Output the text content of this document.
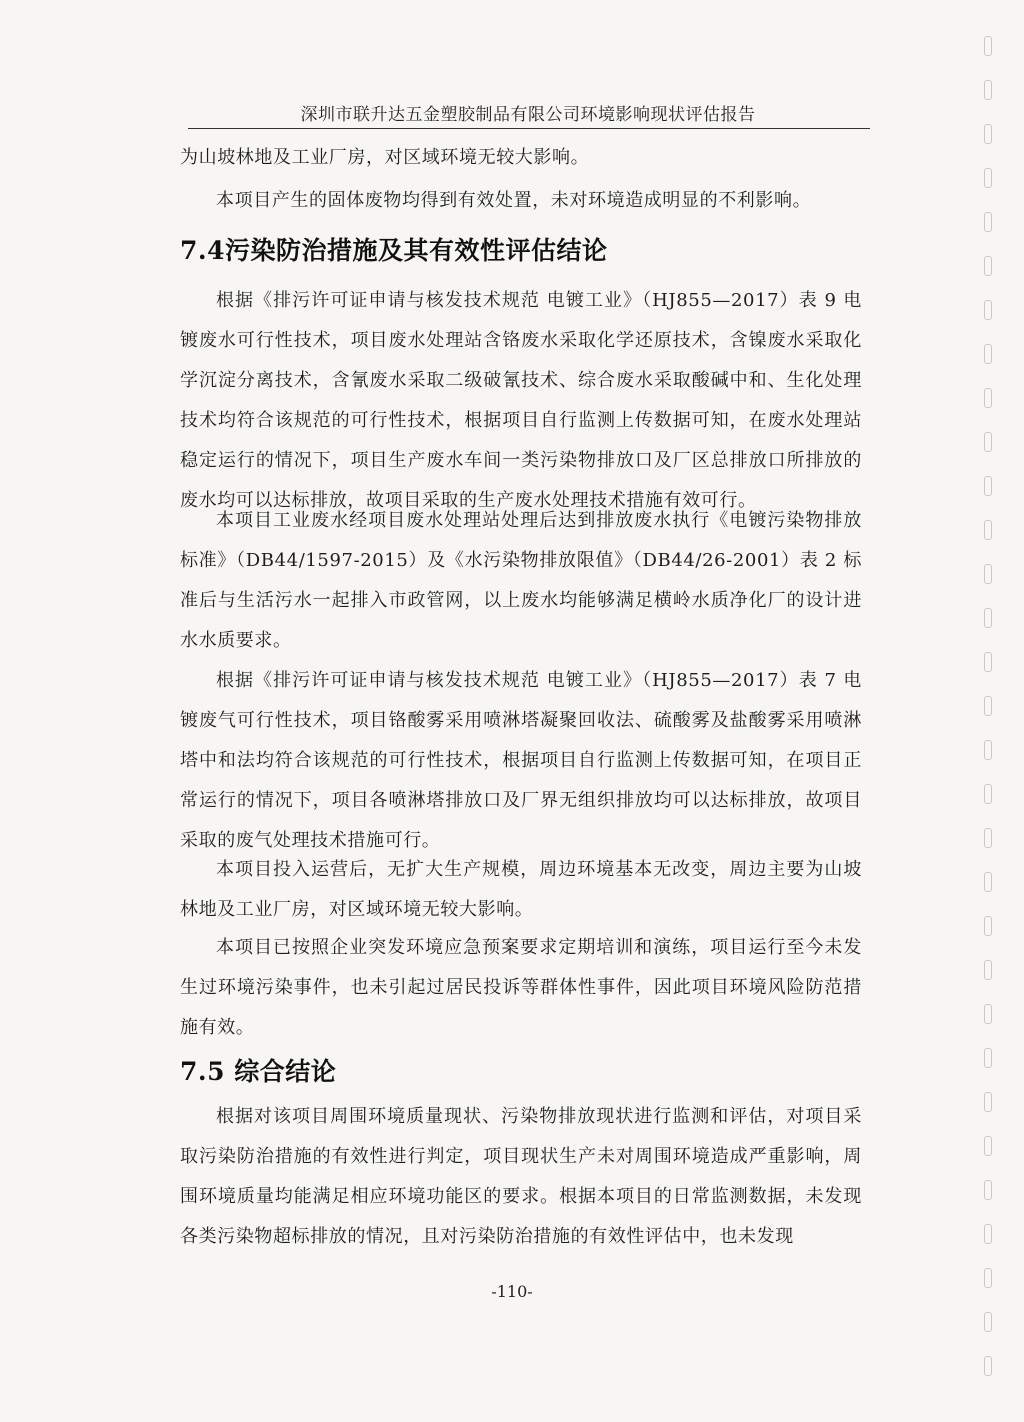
深圳市联升达五金塑胶制品有限公司环境影响现状评估报告

为山坡林地及工业厂房，对区域环境无较大影响。

本项目产生的固体废物均得到有效处置，未对环境造成明显的不利影响。

7.4污染防治措施及其有效性评估结论

根据《排污许可证申请与核发技术规范 电镀工业》（HJ855—2017）表 9 电镀废水可行性技术，项目废水处理站含铬废水采取化学还原技术，含镍废水采取化学沉淀分离技术，含氰废水采取二级破氰技术、综合废水采取酸碱中和、生化处理技术均符合该规范的可行性技术，根据项目自行监测上传数据可知，在废水处理站稳定运行的情况下，项目生产废水车间一类污染物排放口及厂区总排放口所排放的废水均可以达标排放，故项目采取的生产废水处理技术措施有效可行。

本项目工业废水经项目废水处理站处理后达到排放废水执行《电镀污染物排放标准》（DB44/1597-2015）及《水污染物排放限值》（DB44/26-2001）表 2 标准后与生活污水一起排入市政管网，以上废水均能够满足横岭水质净化厂的设计进水水质要求。

根据《排污许可证申请与核发技术规范 电镀工业》（HJ855—2017）表 7 电镀废气可行性技术，项目铬酸雾采用喷淋塔凝聚回收法、硫酸雾及盐酸雾采用喷淋塔中和法均符合该规范的可行性技术，根据项目自行监测上传数据可知，在项目正常运行的情况下，项目各喷淋塔排放口及厂界无组织排放均可以达标排放，故项目采取的废气处理技术措施可行。

本项目投入运营后，无扩大生产规模，周边环境基本无改变，周边主要为山坡林地及工业厂房，对区域环境无较大影响。

本项目已按照企业突发环境应急预案要求定期培训和演练，项目运行至今未发生过环境污染事件，也未引起过居民投诉等群体性事件，因此项目环境风险防范措施有效。

7.5 综合结论

根据对该项目周围环境质量现状、污染物排放现状进行监测和评估，对项目采取污染防治措施的有效性进行判定，项目现状生产未对周围环境造成严重影响，周围环境质量均能满足相应环境功能区的要求。根据本项目的日常监测数据，未发现各类污染物超标排放的情况，且对污染防治措施的有效性评估中，也未发现

-110-
